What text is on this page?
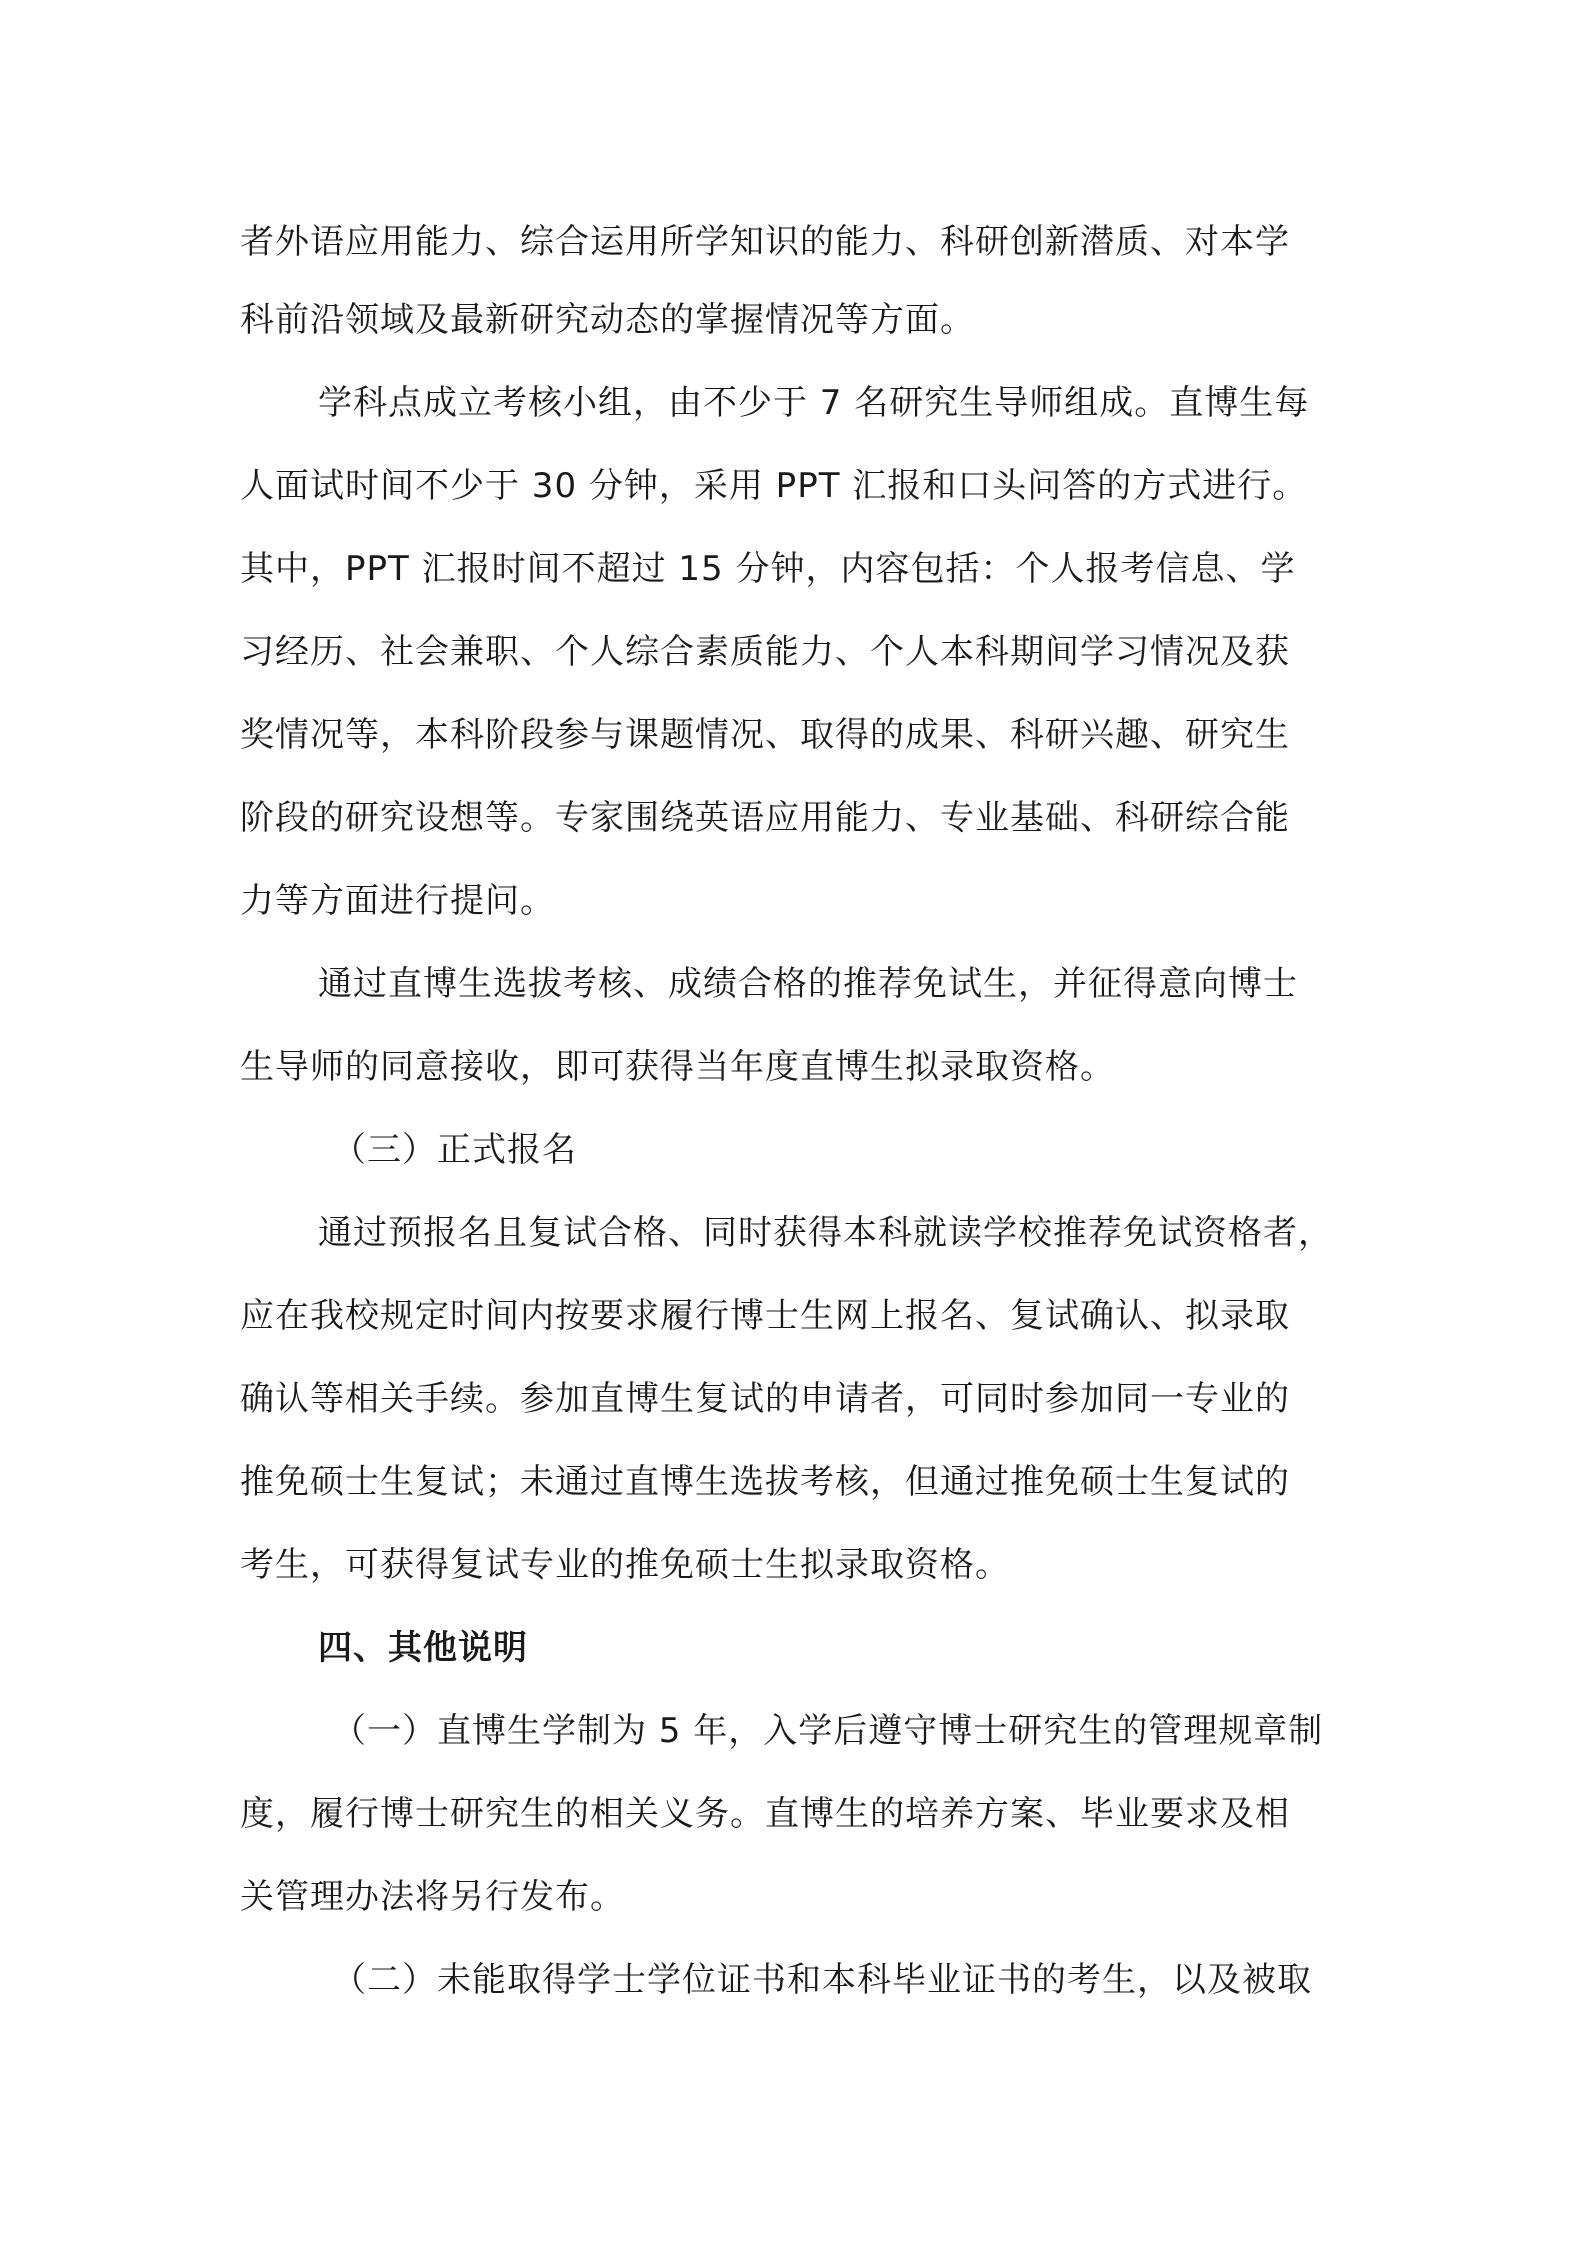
者外语应用能力、综合运用所学知识的能力、科研创新潜质、对本学
科前沿领域及最新研究动态的掌握情况等方面。
学科点成立考核小组，由不少于 7 名研究生导师组成。直博生每
人面试时间不少于 30 分钟，采用 PPT 汇报和口头问答的方式进行。
其中，PPT 汇报时间不超过 15 分钟，内容包括：个人报考信息、学
习经历、社会兼职、个人综合素质能力、个人本科期间学习情况及获
奖情况等，本科阶段参与课题情况、取得的成果、科研兴趣、研究生
阶段的研究设想等。专家围绕英语应用能力、专业基础、科研综合能
力等方面进行提问。
通过直博生选拔考核、成绩合格的推荐免试生，并征得意向博士
生导师的同意接收，即可获得当年度直博生拟录取资格。
（三）正式报名
通过预报名且复试合格、同时获得本科就读学校推荐免试资格者，
应在我校规定时间内按要求履行博士生网上报名、复试确认、拟录取
确认等相关手续。参加直博生复试的申请者，可同时参加同一专业的
推免硕士生复试；未通过直博生选拔考核，但通过推免硕士生复试的
考生，可获得复试专业的推免硕士生拟录取资格。
四、其他说明
（一）直博生学制为 5 年，入学后遵守博士研究生的管理规章制
度，履行博士研究生的相关义务。直博生的培养方案、毕业要求及相
关管理办法将另行发布。
（二）未能取得学士学位证书和本科毕业证书的考生，以及被取
